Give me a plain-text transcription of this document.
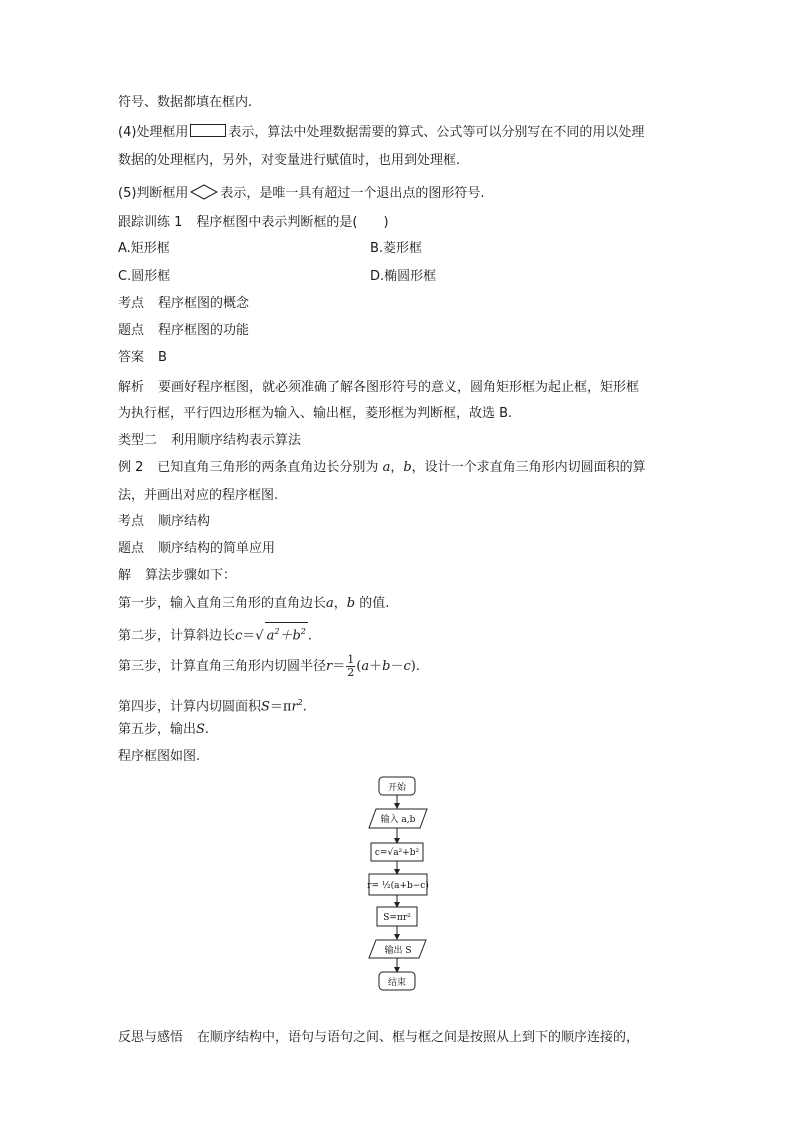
符号、数据都填在框内.
(4)处理框用	表示，算法中处理数据需要的算式、公式等可以分别写在不同的用以处理
数据的处理框内，另外，对变量进行赋值时，也用到处理框.
(5)判断框用 表示，是唯一具有超过一个退出点的图形符号.
跟踪训练 1 程序框图中表示判断框的是(　　)
A.矩形框	B.菱形框
C.圆形框	D.椭圆形框
考点 程序框图的概念
题点 程序框图的功能
答案 B
解析 要画好程序框图，就必须准确了解各图形符号的意义，圆角矩形框为起止框，矩形框
为执行框，平行四边形框为输入、输出框，菱形框为判断框，故选 B.
类型二 利用顺序结构表示算法
例 2 已知直角三角形的两条直角边长分别为 a，b，设计一个求直角三角形内切圆面积的算
法，并画出对应的程序框图.
考点 顺序结构
题点 顺序结构的简单应用
解 算法步骤如下：
第一步，输入直角三角形的直角边长a，b 的值.
第二步，计算斜边长c＝√ $a^2+b^2$ .
第三步，计算直角三角形内切圆半径$r= \frac{1}{2} (a+b-c)$.
第四步，计算内切圆面积$S=\pi r^2$.
第五步，输出S.
程序框图如图.
开始
输入 a,b
c=√a²+b²
r= ½(a+b−c)
S=πr²
输出 S
结束
反思与感悟 在顺序结构中，语句与语句之间、框与框之间是按照从上到下的顺序连接的，
